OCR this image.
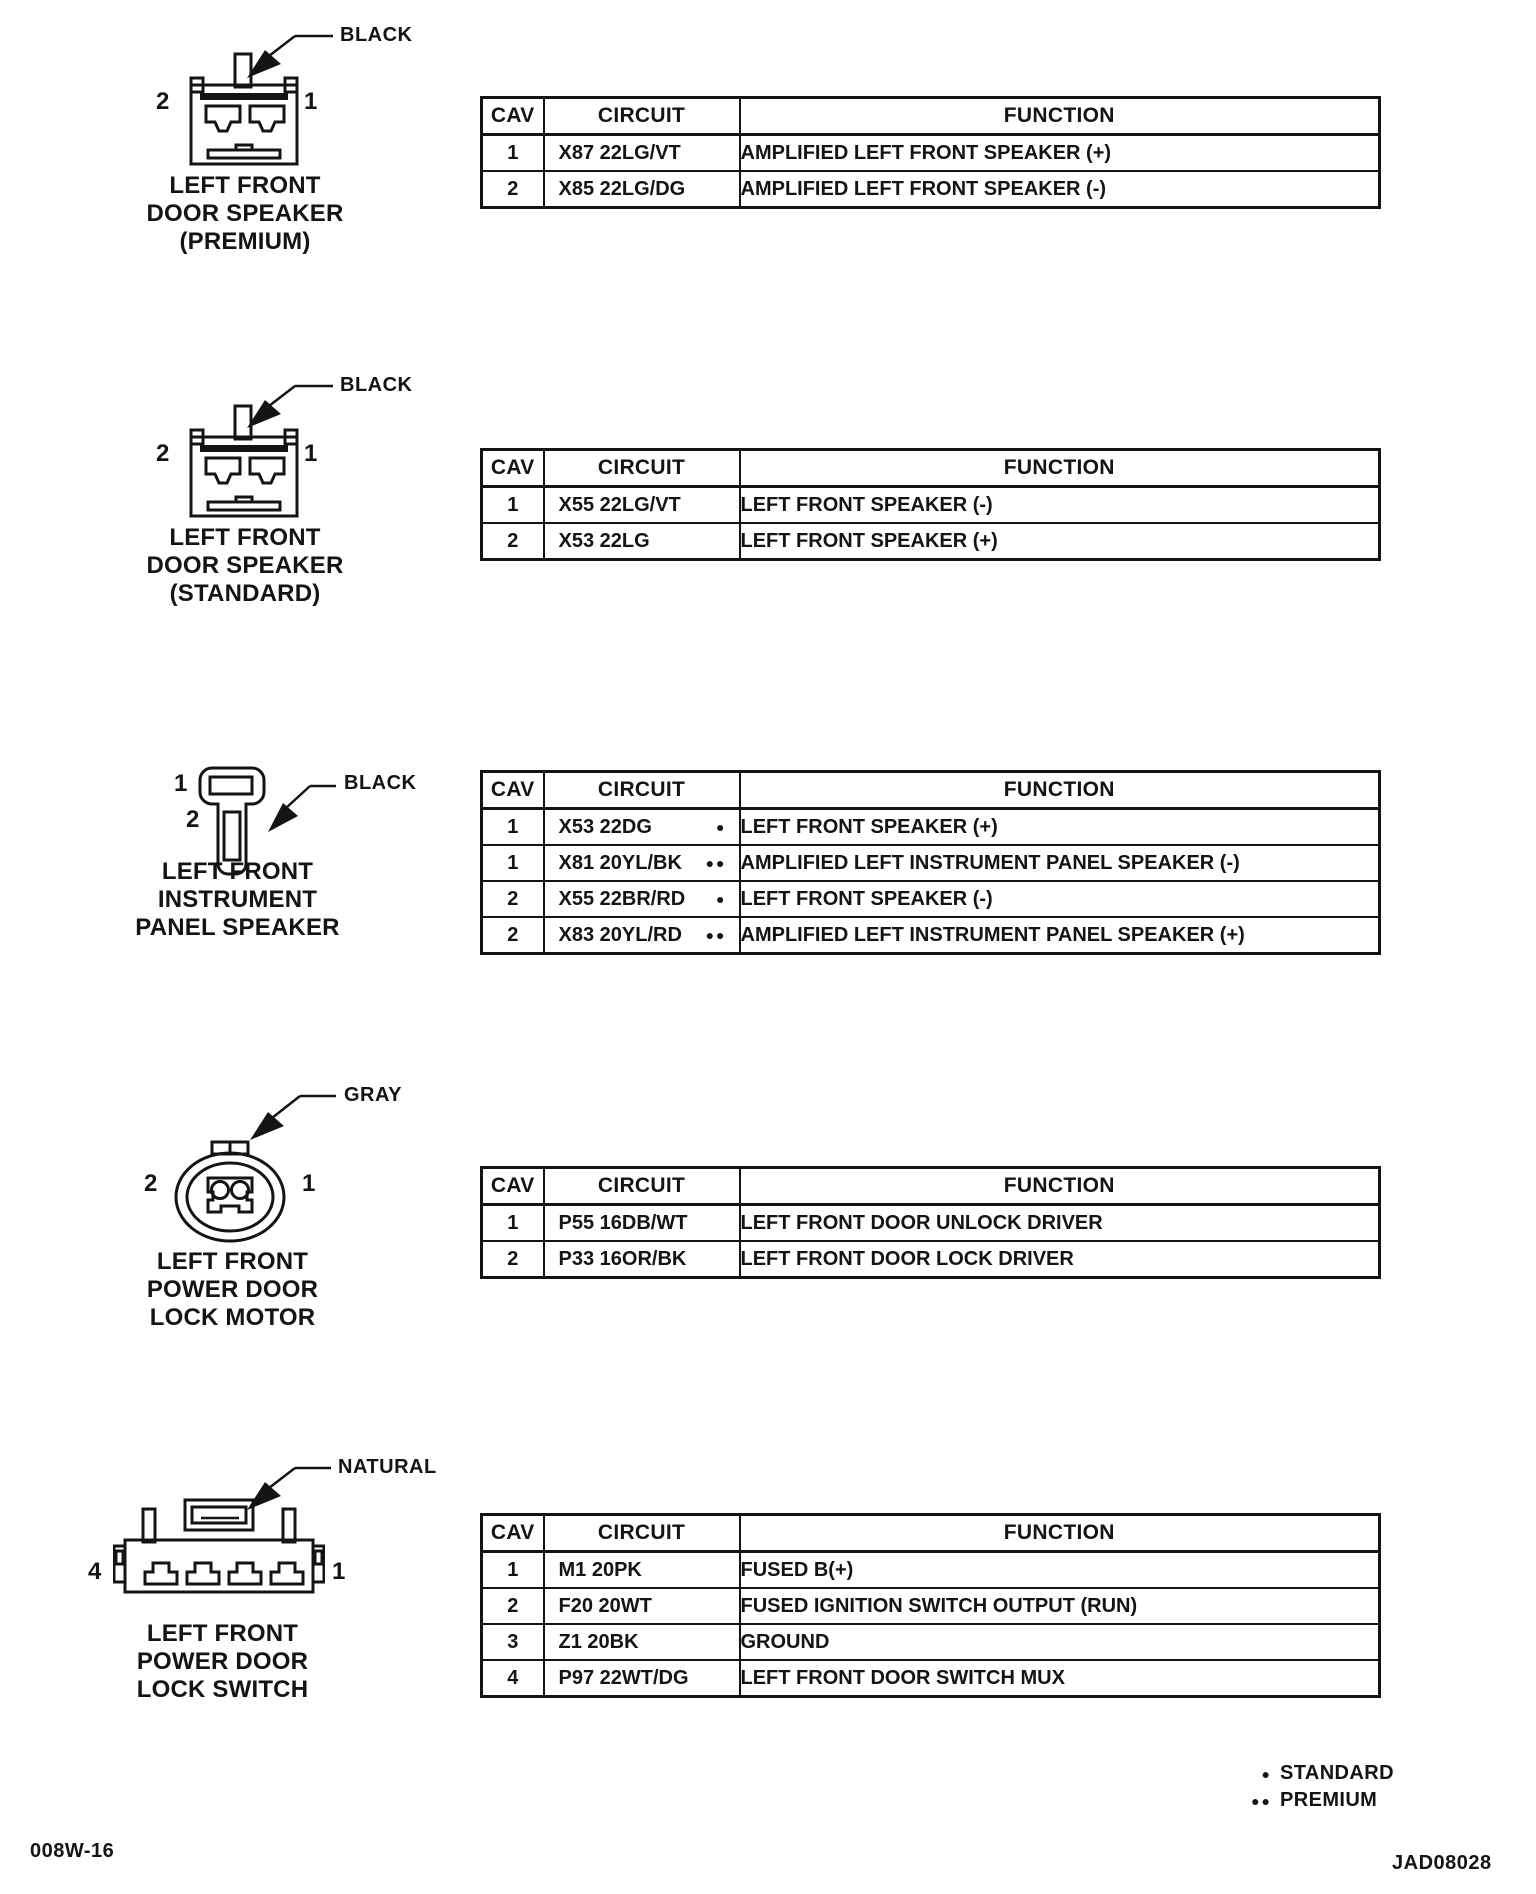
BLACK
2	1
LEFT FRONT
DOOR SPEAKER
(PREMIUM)
CAV	CIRCUIT	FUNCTION
1	X87 22LG/VT	AMPLIFIED LEFT FRONT SPEAKER (+)
2	X85 22LG/DG	AMPLIFIED LEFT FRONT SPEAKER (-)
BLACK
2	1
LEFT FRONT
DOOR SPEAKER
(STANDARD)
CAV	CIRCUIT	FUNCTION
1	X55 22LG/VT	LEFT FRONT SPEAKER (-)
2	X53 22LG	LEFT FRONT SPEAKER (+)
BLACK
1
2
LEFT FRONT
INSTRUMENT
PANEL SPEAKER
CAV	CIRCUIT	FUNCTION
1	X53 22DG ●	LEFT FRONT SPEAKER (+)
1	X81 20YL/BK ●●	AMPLIFIED LEFT INSTRUMENT PANEL SPEAKER (-)
2	X55 22BR/RD ●	LEFT FRONT SPEAKER (-)
2	X83 20YL/RD ●●	AMPLIFIED LEFT INSTRUMENT PANEL SPEAKER (+)
GRAY
2	1
LEFT FRONT
POWER DOOR
LOCK MOTOR
CAV	CIRCUIT	FUNCTION
1	P55 16DB/WT	LEFT FRONT DOOR UNLOCK DRIVER
2	P33 16OR/BK	LEFT FRONT DOOR LOCK DRIVER
NATURAL
4	1
LEFT FRONT
POWER DOOR
LOCK SWITCH
CAV	CIRCUIT	FUNCTION
1	M1 20PK	FUSED B(+)
2	F20 20WT	FUSED IGNITION SWITCH OUTPUT (RUN)
3	Z1 20BK	GROUND
4	P97 22WT/DG	LEFT FRONT DOOR SWITCH MUX
● STANDARD
●● PREMIUM
008W-16
JAD08028
